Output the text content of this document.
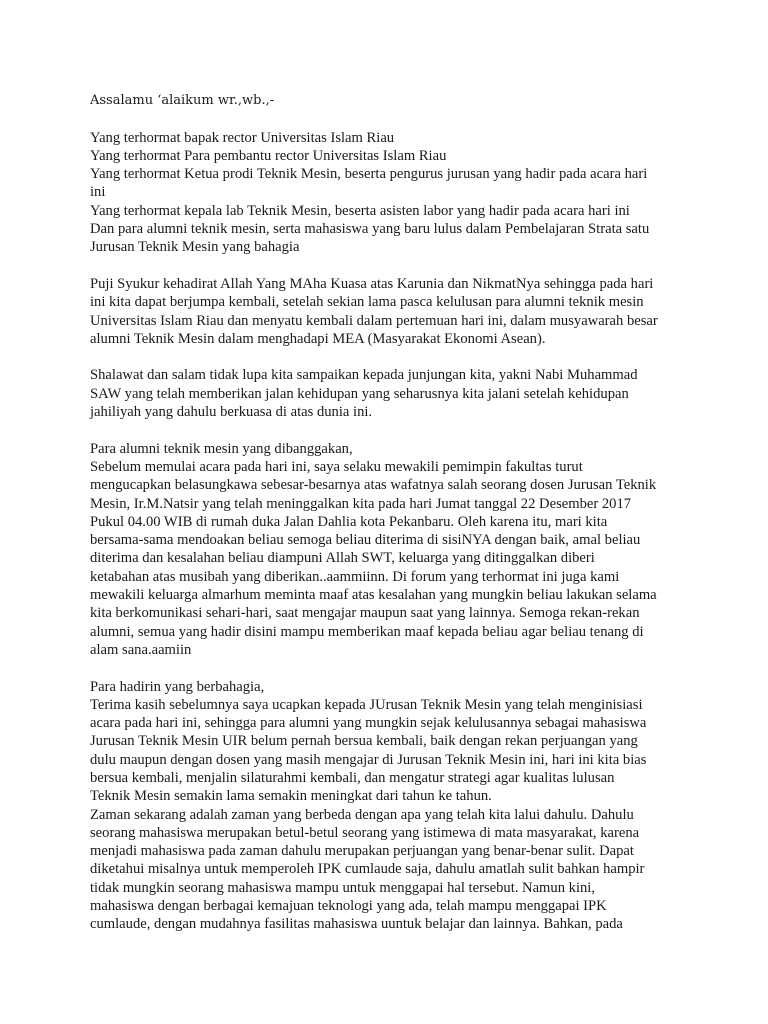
Assalamu ‘alaikum wr.,wb.,-
Yang terhormat bapak rector Universitas Islam Riau
Yang terhormat Para pembantu rector Universitas Islam Riau
Yang terhormat Ketua prodi Teknik Mesin, beserta pengurus jurusan yang hadir pada acara hari
ini
Yang terhormat kepala lab Teknik Mesin, beserta asisten labor yang hadir pada acara hari ini
Dan para alumni teknik mesin, serta mahasiswa yang baru lulus dalam Pembelajaran Strata satu
Jurusan Teknik Mesin yang bahagia
Puji Syukur kehadirat Allah Yang MAha Kuasa atas Karunia dan NikmatNya sehingga pada hari
ini kita dapat berjumpa kembali, setelah sekian lama pasca kelulusan para alumni teknik mesin
Universitas Islam Riau dan menyatu kembali dalam pertemuan hari ini, dalam musyawarah besar
alumni Teknik Mesin dalam menghadapi MEA (Masyarakat Ekonomi Asean).
Shalawat dan salam tidak lupa kita sampaikan kepada junjungan kita, yakni Nabi Muhammad
SAW yang telah memberikan jalan kehidupan yang seharusnya kita jalani setelah kehidupan
jahiliyah yang dahulu berkuasa di atas dunia ini.
Para alumni teknik mesin yang dibanggakan,
Sebelum memulai acara pada hari ini, saya selaku mewakili pemimpin fakultas turut
mengucapkan belasungkawa sebesar-besarnya atas wafatnya salah seorang dosen Jurusan Teknik
Mesin, Ir.M.Natsir yang telah meninggalkan kita pada hari Jumat tanggal 22 Desember 2017
Pukul 04.00 WIB di rumah duka Jalan Dahlia kota Pekanbaru. Oleh karena itu, mari kita
bersama-sama mendoakan beliau semoga beliau diterima di sisiNYA dengan baik, amal beliau
diterima dan kesalahan beliau diampuni Allah SWT, keluarga yang ditinggalkan diberi
ketabahan atas musibah yang diberikan..aammiinn. Di forum yang terhormat ini juga kami
mewakili keluarga almarhum meminta maaf atas kesalahan yang mungkin beliau lakukan selama
kita berkomunikasi sehari-hari, saat mengajar maupun saat yang lainnya. Semoga rekan-rekan
alumni, semua yang hadir disini mampu memberikan maaf kepada beliau agar beliau tenang di
alam sana.aamiin
Para hadirin yang berbahagia,
Terima kasih sebelumnya saya ucapkan kepada JUrusan Teknik Mesin yang telah menginisiasi
acara pada hari ini, sehingga para alumni yang mungkin sejak kelulusannya sebagai mahasiswa
Jurusan Teknik Mesin UIR belum pernah bersua kembali, baik dengan rekan perjuangan yang
dulu maupun dengan dosen yang masih mengajar di Jurusan Teknik Mesin ini, hari ini kita bias
bersua kembali, menjalin silaturahmi kembali, dan mengatur strategi agar kualitas lulusan
Teknik Mesin semakin lama semakin meningkat dari tahun ke tahun.
Zaman sekarang adalah zaman yang berbeda dengan apa yang telah kita lalui dahulu. Dahulu
seorang mahasiswa merupakan betul-betul seorang yang istimewa di mata masyarakat, karena
menjadi mahasiswa pada zaman dahulu merupakan perjuangan yang benar-benar sulit. Dapat
diketahui misalnya untuk memperoleh IPK cumlaude saja, dahulu amatlah sulit bahkan hampir
tidak mungkin seorang mahasiswa mampu untuk menggapai hal tersebut. Namun kini,
mahasiswa dengan berbagai kemajuan teknologi yang ada, telah mampu menggapai IPK
cumlaude, dengan mudahnya fasilitas mahasiswa uuntuk belajar dan lainnya. Bahkan, pada
